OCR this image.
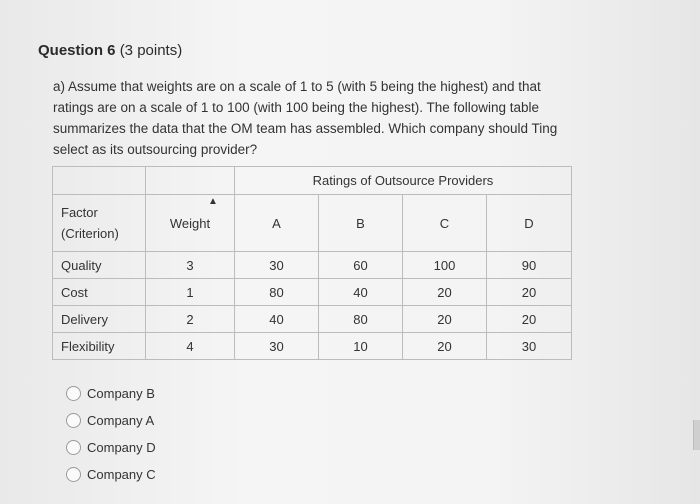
Question 6 (3 points)
a) Assume that weights are on a scale of 1 to 5 (with 5 being the highest) and that ratings are on a scale of 1 to 100 (with 100 being the highest). The following table summarizes the data that the OM team has assembled. Which company should Ting select as its outsourcing provider?
		Ratings of Outsource Providers			
Factor
(Criterion)	Weight	A	B	C	D
Quality	3	30	60	100	90
Cost	1	80	40	20	20
Delivery	2	40	80	20	20
Flexibility	4	30	10	20	30
▲
Company B
Company A
Company D
Company C
